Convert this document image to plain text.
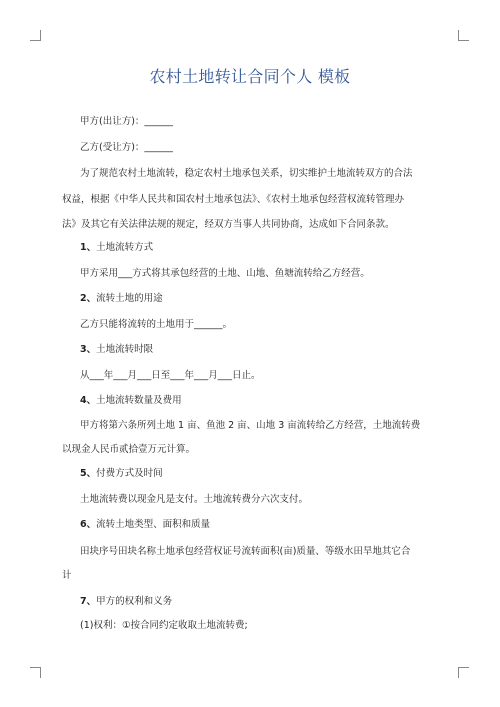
农村土地转让合同个人 模板
甲方(出让方)：______
乙方(受让方)：______
为了规范农村土地流转，稳定农村土地承包关系，切实维护土地流转双方的合法
权益，根据《中华人民共和国农村土地承包法》、《农村土地承包经营权流转管理办
法》及其它有关法律法规的规定，经双方当事人共同协商，达成如下合同条款。
1、土地流转方式
甲方采用___方式将其承包经营的土地、山地、鱼塘流转给乙方经营。
2、流转土地的用途
乙方只能将流转的土地用于______。
3、土地流转时限
从___年___月___日至___年___月___日止。
4、土地流转数量及费用
甲方将第六条所列土地 1 亩、鱼池 2 亩、山地 3 亩流转给乙方经营，土地流转费
以现金人民币贰拾壹万元计算。
5、付费方式及时间
土地流转费以现金凡是支付。土地流转费分六次支付。
6、流转土地类型、面积和质量
田块序号田块名称土地承包经营权证号流转面积(亩)质量、等级水田旱地其它合
计
7、甲方的权利和义务
(1)权利：①按合同约定收取土地流转费;
